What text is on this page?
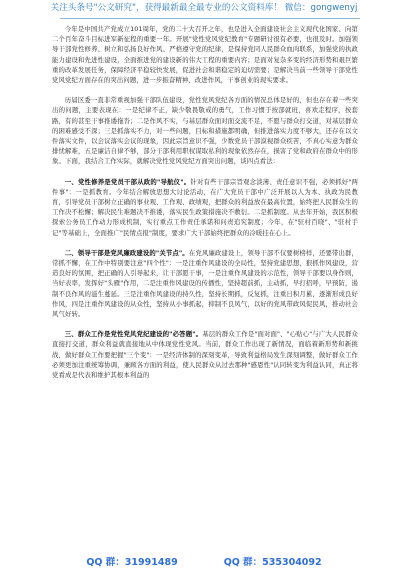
关注头条号"公文研究"，获得最新最全最专业的公文资料库！ 微信：gongwenyj

今年是中国共产党成立101周年，党的二十大召开之年，也是进入全面建设社会主义现代化国家、向第二个百年奋斗目标进军新征程的重要一年。开展"党性党风党纪教育"专题研讨很有必要，也很及时。加强领导干部党性修养、树立和弘扬良好作风、严格遵守党的纪律，是保持党同人民群众血肉联系，加强党的执政能力建设和先进性建设，全面推进党的建设新的伟大工程的重要内容；是面对复杂多变的经济形势和艰巨繁重的改革发展任务，保障经济平稳较快发展，促进社会和谐稳定的迫切需要；是解决当前一些领导干部党性党风党纪方面存在的突出问题，进一步振奋精神、改进作风，干事创业的现实要求。

历届区委一直非常重视加强干部队伍建设，党性党风党纪各方面的情况总体是好的，但也存在着一些突出的问题，主要表现在：一是纪律不正，缺少敬畏敬戒的勇气，工作习惯于按部就班，喜欢走程序，按套路，有的甚至干事推诿拖沓；二是作风不实，与基层群众面对面交流不足，不愿与群众打交道，对基层群众的困难感受不深；三是抓落实不力，对一些问题，目标和措施都明确，但推进落实力度不够大，还存在以文件落实文件，以会议落实会议的现象，因此宗旨意识不强，少数党员干部漠视群众疾苦，不真心实意为群众排忧解难，五是廉洁自律不够，部分干部利用职权谋取私利的现象依然存在，损害了党和政府在群众中的形象。下面，我结合工作实际，就解决党性党风党纪方面突出问题，谈四点看法：

一、党性修养是党员干部从政的"导航仪"。针对有些干部宗旨观念淡薄、责任意识不强，必须抓好"两件事"：一是抓教育。今年结合解放思想大讨论活动，在广大党员干部中广泛开展以人为本、执政为民教育，引导党员干部树立正确的事业观、工作观、政绩观，把群众的利益放在最高位置，始终把人民群众生的工作决不松懈；解决民生难题决不推诿，落实民生政策措施决不敷衍。二是抓制度。从去年开始，我区积极探索公务员工作动力形成机制，实行重点工作责任承诺和问责追究制度；今年，在"驻村百晓"、"驻村手记"等基础上，全面推广"民情点报"制度，要求广大干部始终把群众的冷暖挂在心上。

二、领导干部是党风廉政建设的"关节点"。在党风廉政建设上，领导干部不仅要树榜样，还要带出群，常抓不懈，在工作中特别要注意"四个性"：一是注重作风建设的全局性，坚持党建思想，狠抓作风建设，营造良好的氛围，把正确的人引导起来，让干部愿干事，一是注重作风建设的示范性，领导干部要以身作则，当好表率，发挥好"头雁"作用，二是注重作风建设的传播性，坚持超前抓，主动抓，早打招呼，早预防，遏制不良作风的滋生蔓延。三是注重作风建设的持久性，坚持长期抓，反复抓，注重日积月累，逐渐形成良好作风，四是注重作风建设的从众性，坚持从小事抓起，抑制不良风气，以好的党风带政风促民风，推动社会风气好转。

三、群众工作是党性党风党纪建设的"必答题"。基层的群众工作是"面对面"、"心贴心"与广大人民群众直接打交道，群众利益就直接地从中体现党性党风。当前，群众工作出现了新情况，面临着新形势和新挑战，做好群众工作要把握"三个变"：一是经济体制的深刻变革，导致利益格局发生深刻调整，做好群众工作必须更加注重统筹协调，兼顾各方面的利益，使人民群众从过去那种"感恩性"认同转变为利益认同，真正将党看成是代表和维护其根本利益的

QQ 群：31991489	QQ 群：535304092
